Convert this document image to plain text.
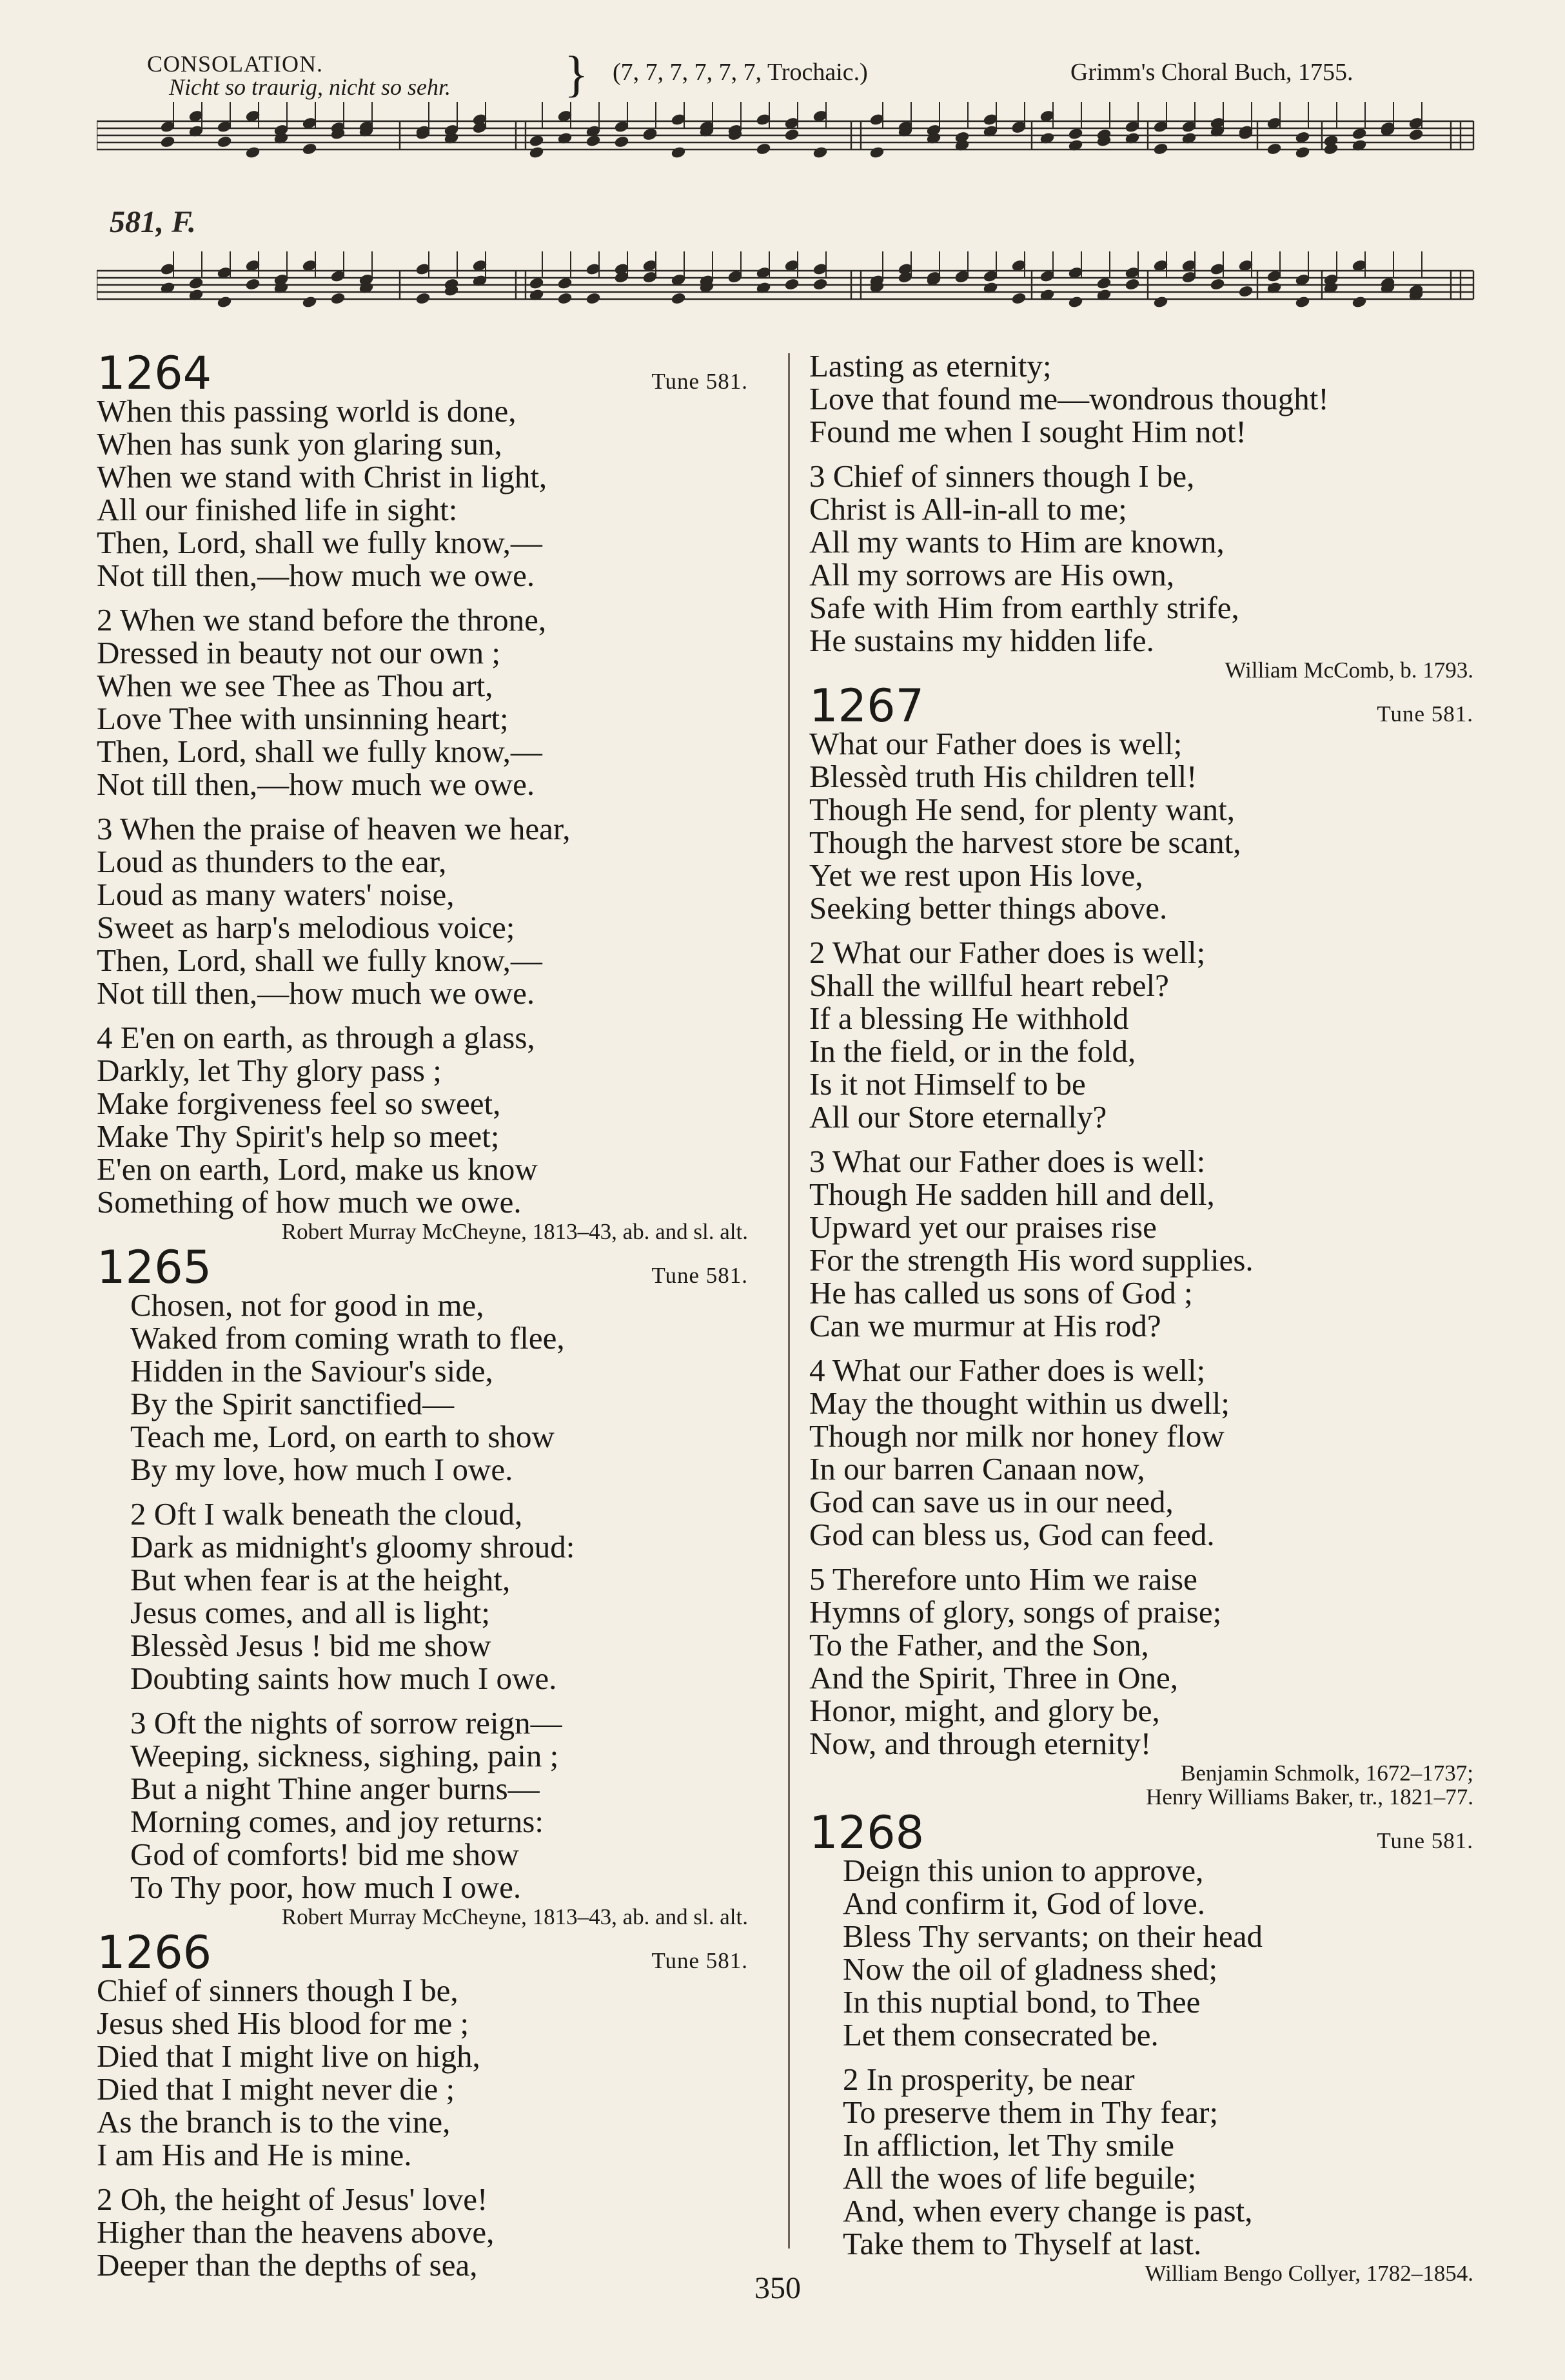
CONSOLATION.
Nicht so traurig, nicht so sehr. } (7, 7, 7, 7, 7, 7, Trochaic.)	Grimm's Choral Buch, 1755.
581, F.
1264	Tune 581.
When this passing world is done,
When has sunk yon glaring sun,
When we stand with Christ in light,
All our finished life in sight:
Then, Lord, shall we fully know,—
Not till then,—how much we owe.
2 When we stand before the throne,
Dressed in beauty not our own ;
When we see Thee as Thou art,
Love Thee with unsinning heart;
Then, Lord, shall we fully know,—
Not till then,—how much we owe.
3 When the praise of heaven we hear,
Loud as thunders to the ear,
Loud as many waters' noise,
Sweet as harp's melodious voice;
Then, Lord, shall we fully know,—
Not till then,—how much we owe.
4 E'en on earth, as through a glass,
Darkly, let Thy glory pass ;
Make forgiveness feel so sweet,
Make Thy Spirit's help so meet;
E'en on earth, Lord, make us know
Something of how much we owe.
Robert Murray McCheyne, 1813–43, ab. and sl. alt.
1265	Tune 581.
Chosen, not for good in me,
Waked from coming wrath to flee,
Hidden in the Saviour's side,
By the Spirit sanctified—
Teach me, Lord, on earth to show
By my love, how much I owe.
2 Oft I walk beneath the cloud,
Dark as midnight's gloomy shroud:
But when fear is at the height,
Jesus comes, and all is light;
Blessèd Jesus ! bid me show
Doubting saints how much I owe.
3 Oft the nights of sorrow reign—
Weeping, sickness, sighing, pain ;
But a night Thine anger burns—
Morning comes, and joy returns:
God of comforts! bid me show
To Thy poor, how much I owe.
Robert Murray McCheyne, 1813–43, ab. and sl. alt.
1266	Tune 581.
Chief of sinners though I be,
Jesus shed His blood for me ;
Died that I might live on high,
Died that I might never die ;
As the branch is to the vine,
I am His and He is mine.
2 Oh, the height of Jesus' love!
Higher than the heavens above,
Deeper than the depths of sea,
Lasting as eternity;
Love that found me—wondrous thought!
Found me when I sought Him not!
3 Chief of sinners though I be,
Christ is All-in-all to me;
All my wants to Him are known,
All my sorrows are His own,
Safe with Him from earthly strife,
He sustains my hidden life.
William McComb, b. 1793.
1267	Tune 581.
What our Father does is well;
Blessèd truth His children tell!
Though He send, for plenty want,
Though the harvest store be scant,
Yet we rest upon His love,
Seeking better things above.
2 What our Father does is well;
Shall the willful heart rebel?
If a blessing He withhold
In the field, or in the fold,
Is it not Himself to be
All our Store eternally?
3 What our Father does is well:
Though He sadden hill and dell,
Upward yet our praises rise
For the strength His word supplies.
He has called us sons of God ;
Can we murmur at His rod?
4 What our Father does is well;
May the thought within us dwell;
Though nor milk nor honey flow
In our barren Canaan now,
God can save us in our need,
God can bless us, God can feed.
5 Therefore unto Him we raise
Hymns of glory, songs of praise;
To the Father, and the Son,
And the Spirit, Three in One,
Honor, might, and glory be,
Now, and through eternity!
Benjamin Schmolk, 1672–1737;
Henry Williams Baker, tr., 1821–77.
1268	Tune 581.
Deign this union to approve,
And confirm it, God of love.
Bless Thy servants; on their head
Now the oil of gladness shed;
In this nuptial bond, to Thee
Let them consecrated be.
2 In prosperity, be near
To preserve them in Thy fear;
In affliction, let Thy smile
All the woes of life beguile;
And, when every change is past,
Take them to Thyself at last.
William Bengo Collyer, 1782–1854.
350
